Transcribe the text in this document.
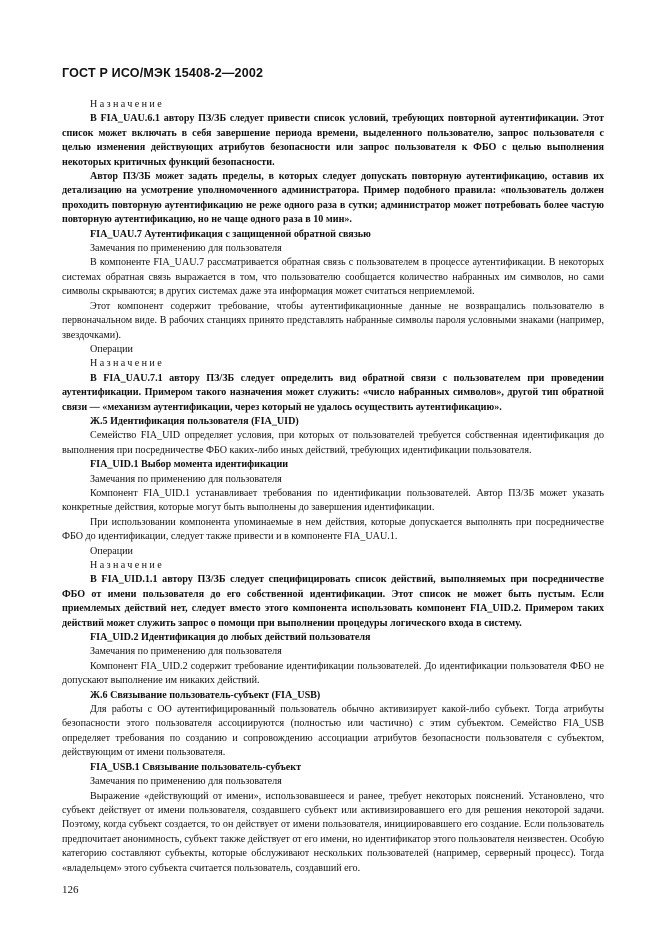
ГОСТ Р ИСО/МЭК 15408-2—2002

Назначение

В FIA_UAU.6.1 автору ПЗ/ЗБ следует привести список условий, требующих повторной аутентификации. Этот список может включать в себя завершение периода времени, выделенного пользователю, запрос пользователя с целью изменения действующих атрибутов безопасности или запрос пользователя к ФБО с целью выполнения некоторых критичных функций безопасности.

Автор ПЗ/ЗБ может задать пределы, в которых следует допускать повторную аутентификацию, оставив их детализацию на усмотрение уполномоченного администратора. Пример подобного правила: «пользователь должен проходить повторную аутентификацию не реже одного раза в сутки; администратор может потребовать более частую повторную аутентификацию, но не чаще одного раза в 10 мин».

FIA_UAU.7 Аутентификация с защищенной обратной связью

Замечания по применению для пользователя

В компоненте FIA_UAU.7 рассматривается обратная связь с пользователем в процессе аутентификации. В некоторых системах обратная связь выражается в том, что пользователю сообщается количество набранных им символов, но сами символы скрываются; в других системах даже эта информация может считаться неприемлемой.

Этот компонент содержит требование, чтобы аутентификационные данные не возвращались пользователю в первоначальном виде. В рабочих станциях принято представлять набранные символы пароля условными знаками (например, звездочками).

Операции

Назначение

В FIA_UAU.7.1 автору ПЗ/ЗБ следует определить вид обратной связи с пользователем при проведении аутентификации. Примером такого назначения может служить: «число набранных символов», другой тип обратной связи — «механизм аутентификации, через который не удалось осуществить аутентификацию».

Ж.5 Идентификация пользователя (FIA_UID)

Семейство FIA_UID определяет условия, при которых от пользователей требуется собственная идентификация до выполнения при посредничестве ФБО каких-либо иных действий, требующих идентификации пользователя.

FIA_UID.1 Выбор момента идентификации

Замечания по применению для пользователя

Компонент FIA_UID.1 устанавливает требования по идентификации пользователей. Автор ПЗ/ЗБ может указать конкретные действия, которые могут быть выполнены до завершения идентификации.

При использовании компонента упоминаемые в нем действия, которые допускается выполнять при посредничестве ФБО до идентификации, следует также привести и в компоненте FIA_UAU.1.

Операции

Назначение

В FIA_UID.1.1 автору ПЗ/ЗБ следует специфицировать список действий, выполняемых при посредничестве ФБО от имени пользователя до его собственной идентификации. Этот список не может быть пустым. Если приемлемых действий нет, следует вместо этого компонента использовать компонент FIA_UID.2. Примером таких действий может служить запрос о помощи при выполнении процедуры логического входа в систему.

FIA_UID.2 Идентификация до любых действий пользователя

Замечания по применению для пользователя

Компонент FIA_UID.2 содержит требование идентификации пользователей. До идентификации пользователя ФБО не допускают выполнение им никаких действий.

Ж.6 Связывание пользователь-субъект (FIA_USB)

Для работы с ОО аутентифицированный пользователь обычно активизирует какой-либо субъект. Тогда атрибуты безопасности этого пользователя ассоциируются (полностью или частично) с этим субъектом. Семейство FIA_USB определяет требования по созданию и сопровождению ассоциации атрибутов безопасности пользователя с субъектом, действующим от имени пользователя.

FIA_USB.1 Связывание пользователь-субъект

Замечания по применению для пользователя

Выражение «действующий от имени», использовавшееся и ранее, требует некоторых пояснений. Установлено, что субъект действует от имени пользователя, создавшего субъект или активизировавшего его для решения некоторой задачи. Поэтому, когда субъект создается, то он действует от имени пользователя, инициировавшего его создание. Если пользователь предпочитает анонимность, субъект также действует от его имени, но идентификатор этого пользователя неизвестен. Особую категорию составляют субъекты, которые обслуживают нескольких пользователей (например, серверный процесс). Тогда «владельцем» этого субъекта считается пользователь, создавший его.

126
